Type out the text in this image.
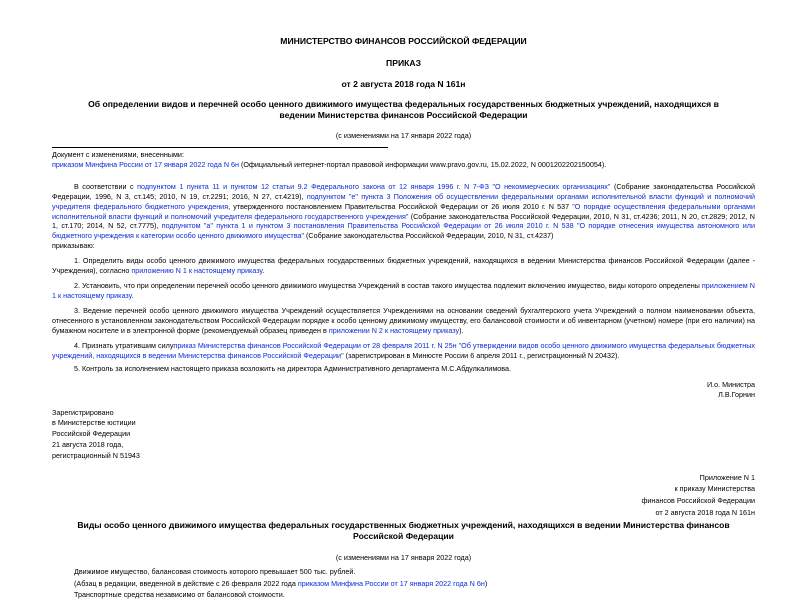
МИНИСТЕРСТВО ФИНАНСОВ РОССИЙСКОЙ ФЕДЕРАЦИИ
ПРИКАЗ
от 2 августа 2018 года N 161н
Об определении видов и перечней особо ценного движимого имущества федеральных государственных бюджетных учреждений, находящихся в ведении Министерства финансов Российской Федерации
(с изменениями на 17 января 2022 года)
Документ с изменениями, внесенными:
приказом Минфина России от 17 января 2022 года N 6н (Официальный интернет-портал правовой информации www.pravo.gov.ru, 15.02.2022, N 0001202202150054).

В соответствии с подпунктом 1 пункта 11 и пунктом 12 статьи 9.2 Федерального закона от 12 января 1996 г. N 7-ФЗ "О некоммерческих организациях" (Собрание законодательства Российской Федерации, 1996, N 3, ст.145; 2010, N 19, ст.2291; 2016, N 27, ст.4219), подпунктом "е" пункта 3 Положения об осуществлении федеральными органами исполнительной власти функций и полномочий учредителя федерального бюджетного учреждения, утвержденного постановлением Правительства Российской Федерации от 26 июля 2010 г. N 537 "О порядке осуществления федеральными органами исполнительной власти функций и полномочий учредителя федерального государственного учреждения" (Собрание законодательства Российской Федерации, 2010, N 31, ст.4236; 2011, N 20, ст.2829; 2012, N 1, ст.170; 2014, N 52, ст.7775), подпунктом "а" пункта 1 и пунктом 3 постановления Правительства Российской Федерации от 26 июля 2010 г. N 538 "О порядке отнесения имущества автономного или бюджетного учреждения к категории особо ценного движимого имущества" (Собрание законодательства Российской Федерации, 2010, N 31, ст.4237)

приказываю:

1. Определить виды особо ценного движимого имущества федеральных государственных бюджетных учреждений, находящихся в ведении Министерства финансов Российской Федерации (далее - Учреждения), согласно приложению N 1 к настоящему приказу.

2. Установить, что при определении перечней особо ценного движимого имущества Учреждений в состав такого имущества подлежит включению имущество, виды которого определены приложением N 1 к настоящему приказу.

3. Ведение перечней особо ценного движимого имущества Учреждений осуществляется Учреждениями на основании сведений бухгалтерского учета Учреждений о полном наименовании объекта, отнесенного в установленном законодательством Российской Федерации порядке к особо ценному движимому имуществу, его балансовой стоимости и об инвентарном (учетном) номере (при его наличии) на бумажном носителе и в электронной форме (рекомендуемый образец приведен в приложении N 2 к настоящему приказу).

4. Признать утратившим силуприказ Министерства финансов Российской Федерации от 28 февраля 2011 г. N 25н "Об утверждении видов особо ценного движимого имущества федеральных бюджетных учреждений, находящихся в ведении Министерства финансов Российской Федерации" (зарегистрирован в Минюсте России 6 апреля 2011 г., регистрационный N 20432).

5. Контроль за исполнением настоящего приказа возложить на директора Административного департамента М.С.Абдулкалимова.

И.о. Министра
Л.В.Горнин
Зарегистрировано
в Министерстве юстиции
Российской Федерации
21 августа 2018 года,
регистрационный N 51943
Приложение N 1
к приказу Министерства
финансов Российской Федерации
от 2 августа 2018 года N 161н
Виды особо ценного движимого имущества федеральных государственных бюджетных учреждений, находящихся в ведении Министерства финансов Российской Федерации
(с изменениями на 17 января 2022 года)
Движимое имущество, балансовая стоимость которого превышает 500 тыс. рублей.
(Абзац в редакции, введенной в действие с 26 февраля 2022 года приказом Минфина России от 17 января 2022 года N 6н)
Транспортные средства независимо от балансовой стоимости.
